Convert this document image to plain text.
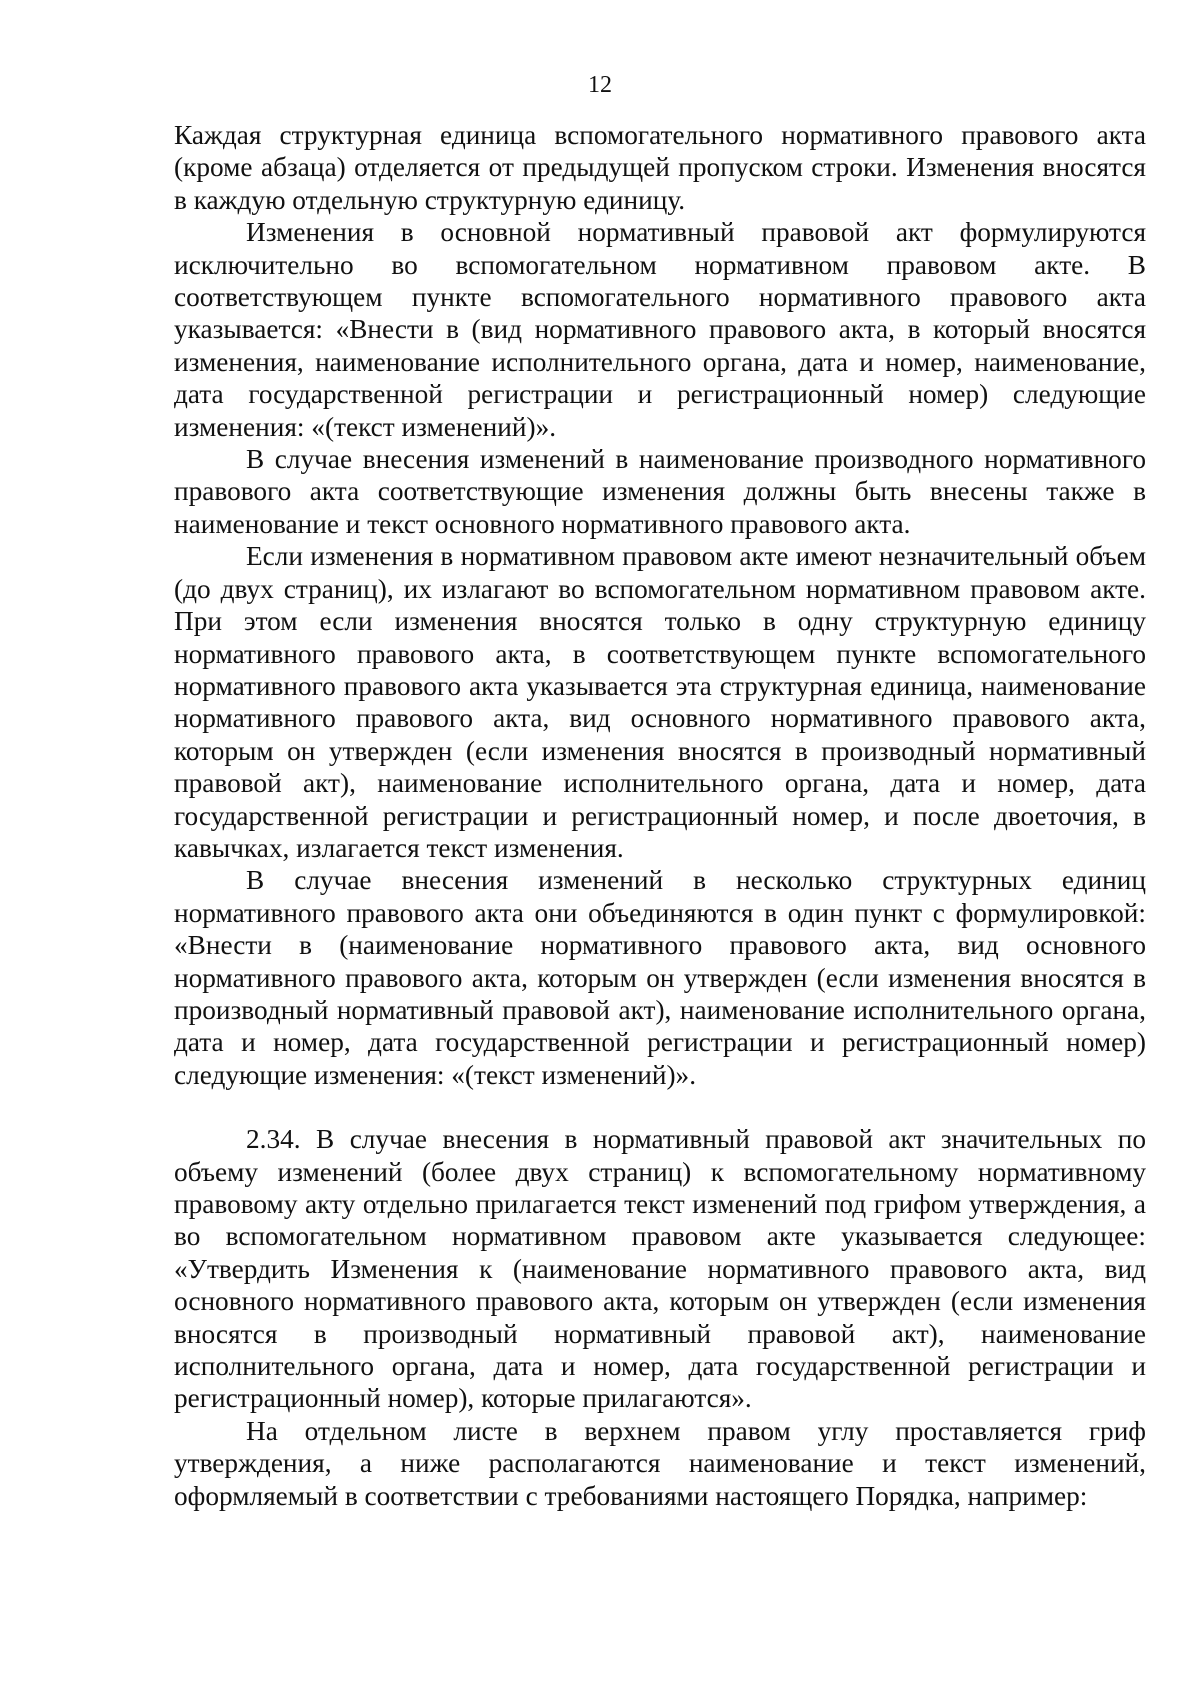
12

Каждая структурная единица вспомогательного нормативного правового акта (кроме абзаца) отделяется от предыдущей пропуском строки. Изменения вносятся в каждую отдельную структурную единицу.

Изменения в основной нормативный правовой акт формулируются исключительно во вспомогательном нормативном правовом акте. В соответствующем пункте вспомогательного нормативного правового акта указывается: «Внести в (вид нормативного правового акта, в который вносятся изменения, наименование исполнительного органа, дата и номер, наименование, дата государственной регистрации и регистрационный номер) следующие изменения: «(текст изменений)».

В случае внесения изменений в наименование производного нормативного правового акта соответствующие изменения должны быть внесены также в наименование и текст основного нормативного правового акта.

Если изменения в нормативном правовом акте имеют незначительный объем (до двух страниц), их излагают во вспомогательном нормативном правовом акте. При этом если изменения вносятся только в одну структурную единицу нормативного правового акта, в соответствующем пункте вспомогательного нормативного правового акта указывается эта структурная единица, наименование нормативного правового акта, вид основного нормативного правового акта, которым он утвержден (если изменения вносятся в производный нормативный правовой акт), наименование исполнительного органа, дата и номер, дата государственной регистрации и регистрационный номер, и после двоеточия, в кавычках, излагается текст изменения.

В случае внесения изменений в несколько структурных единиц нормативного правового акта они объединяются в один пункт с формулировкой: «Внести в (наименование нормативного правового акта, вид основного нормативного правового акта, которым он утвержден (если изменения вносятся в производный нормативный правовой акт), наименование исполнительного органа, дата и номер, дата государственной регистрации и регистрационный номер) следующие изменения: «(текст изменений)».

2.34. В случае внесения в нормативный правовой акт значительных по объему изменений (более двух страниц) к вспомогательному нормативному правовому акту отдельно прилагается текст изменений под грифом утверждения, а во вспомогательном нормативном правовом акте указывается следующее: «Утвердить Изменения к (наименование нормативного правового акта, вид основного нормативного правового акта, которым он утвержден (если изменения вносятся в производный нормативный правовой акт), наименование исполнительного органа, дата и номер, дата государственной регистрации и регистрационный номер), которые прилагаются».

На отдельном листе в верхнем правом углу проставляется гриф утверждения, а ниже располагаются наименование и текст изменений, оформляемый в соответствии с требованиями настоящего Порядка, например:
